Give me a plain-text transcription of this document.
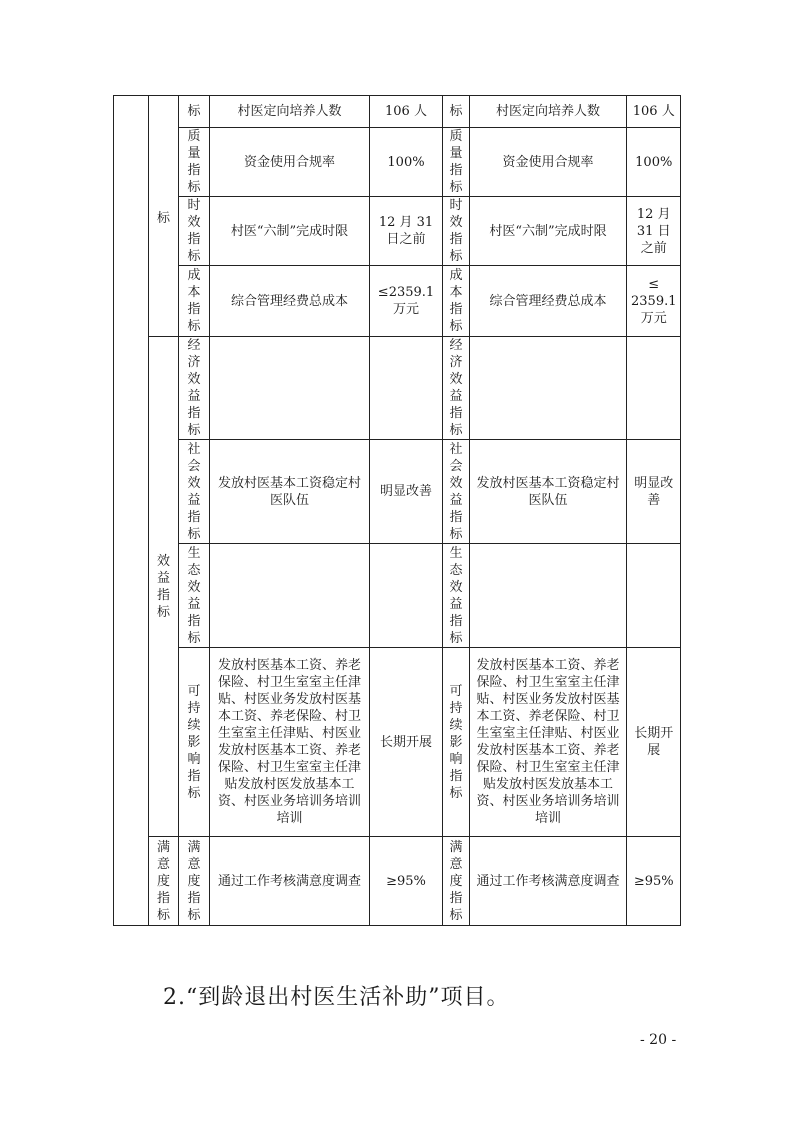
	标	标	村医定向培养人数	106 人	标	村医定向培养人数	106 人
		质量指标	资金使用合规率	100%	质量指标	资金使用合规率	100%
		时效指标	村医“六制”完成时限	12 月 31 日之前	时效指标	村医“六制”完成时限	12 月 31 日之前
		成本指标	综合管理经费总成本	≤2359.1 万元	成本指标	综合管理经费总成本	≤ 2359.1 万元
	效益指标	经济效益指标			经济效益指标		
		社会效益指标	发放村医基本工资稳定村医队伍	明显改善	社会效益指标	发放村医基本工资稳定村医队伍	明显改善
		生态效益指标			生态效益指标		
		可持续影响指标	发放村医基本工资、养老保险、村卫生室室主任津贴、村医业务发放村医基本工资、养老保险、村卫生室室主任津贴、村医业发放村医基本工资、养老保险、村卫生室室主任津贴发放村医发放基本工资、村医业务培训务培训培训	长期开展	可持续影响指标	发放村医基本工资、养老保险、村卫生室室主任津贴、村医业务发放村医基本工资、养老保险、村卫生室室主任津贴、村医业发放村医基本工资、养老保险、村卫生室室主任津贴发放村医发放基本工资、村医业务培训务培训培训	长期开展
	满意度指标	满意度指标	通过工作考核满意度调查	≥95%	满意度指标	通过工作考核满意度调查	≥95%
2.“到龄退出村医生活补助”项目。
- 20 -
